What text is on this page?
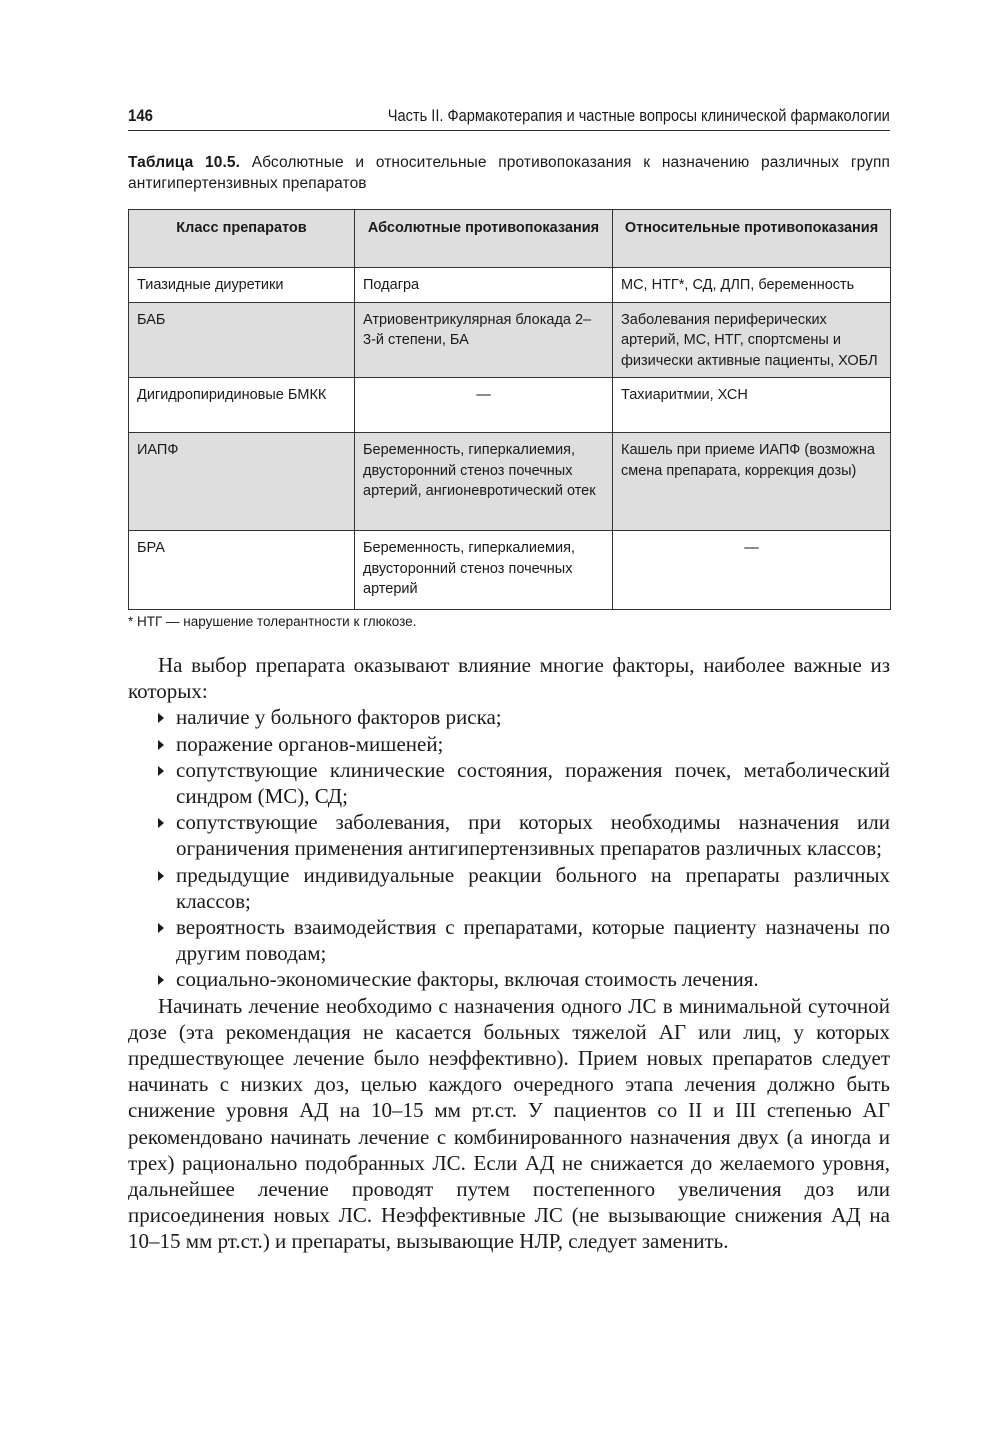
146	Часть II. Фармакотерапия и частные вопросы клинической фармакологии
Таблица 10.5. Абсолютные и относительные противопоказания к назначению различных групп антигипертензивных препаратов
Класс препаратов	Абсолютные противопоказания	Относительные противопоказания
Тиазидные диуретики	Подагра	МС, НТГ*, СД, ДЛП, беременность
БАБ	Атриовентрикулярная блокада 2–3-й степени, БА	Заболевания периферических артерий, МС, НТГ, спортсмены и физически активные пациенты, ХОБЛ
Дигидропиридиновые БМКК	—	Тахиаритмии, ХСН
ИАПФ	Беременность, гиперкалиемия, двусторонний стеноз почечных артерий, ангионевротический отек	Кашель при приеме ИАПФ (возможна смена препарата, коррекция дозы)
БРА	Беременность, гиперкалиемия, двусторонний стеноз почечных артерий	—
* НТГ — нарушение толерантности к глюкозе.

На выбор препарата оказывают влияние многие факторы, наиболее важные из которых:

наличие у больного факторов риска;
поражение органов-мишеней;
сопутствующие клинические состояния, поражения почек, метаболический синдром (МС), СД;
сопутствующие заболевания, при которых необходимы назначения или ограничения применения антигипертензивных препаратов различных классов;
предыдущие индивидуальные реакции больного на препараты различных классов;
вероятность взаимодействия с препаратами, которые пациенту назначены по другим поводам;
социально-экономические факторы, включая стоимость лечения.

Начинать лечение необходимо с назначения одного ЛС в минимальной суточной дозе (эта рекомендация не касается больных тяжелой АГ или лиц, у которых предшествующее лечение было неэффективно). Прием новых препаратов следует начинать с низких доз, целью каждого очередного этапа лечения должно быть снижение уровня АД на 10–15 мм рт.ст. У пациентов со II и III степенью АГ рекомендовано начинать лечение с комбинированного назначения двух (а иногда и трех) рационально подобранных ЛС. Если АД не снижается до желаемого уровня, дальнейшее лечение проводят путем постепенного увеличения доз или присоединения новых ЛС. Неэффективные ЛС (не вызывающие снижения АД на 10–15 мм рт.ст.) и препараты, вызывающие НЛР, следует заменить.
